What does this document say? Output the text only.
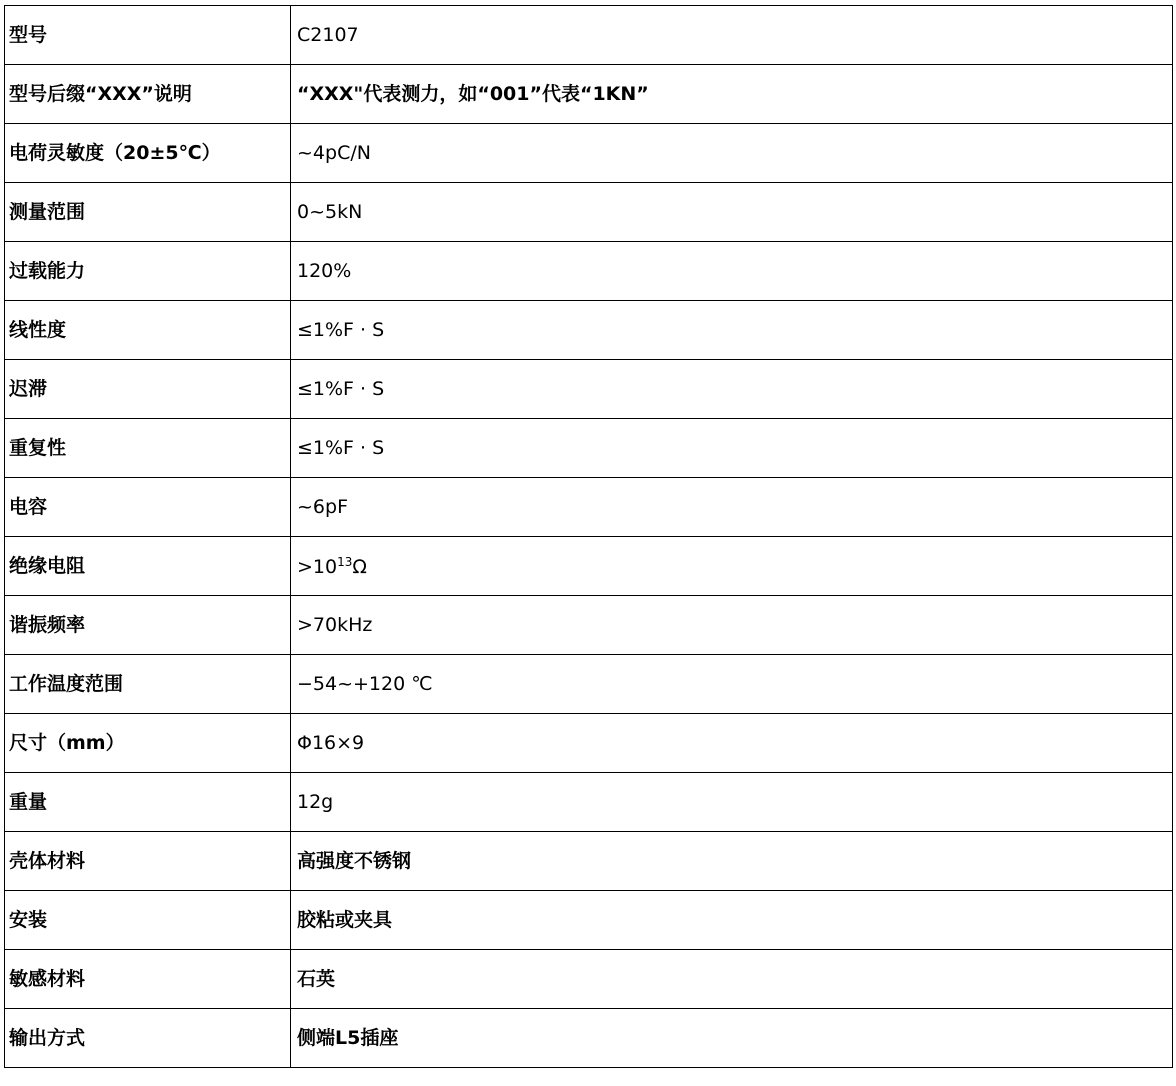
型号	C2107
型号后缀“XXX”说明	“XXX"代表测力，如“001”代表“1KN”
电荷灵敏度（20±5℃）	~4pC/N
测量范围	0~5kN
过载能力	120%
线性度	≤1%F · S
迟滞	≤1%F · S
重复性	≤1%F · S
电容	~6pF
绝缘电阻	$>10^{13}\Omega$
谐振频率	>70kHz
工作温度范围	−54~+120 ℃
尺寸（mm）	Φ16×9
重量	12g
壳体材料	高强度不锈钢
安装	胶粘或夹具
敏感材料	石英
输出方式	侧端L5插座
